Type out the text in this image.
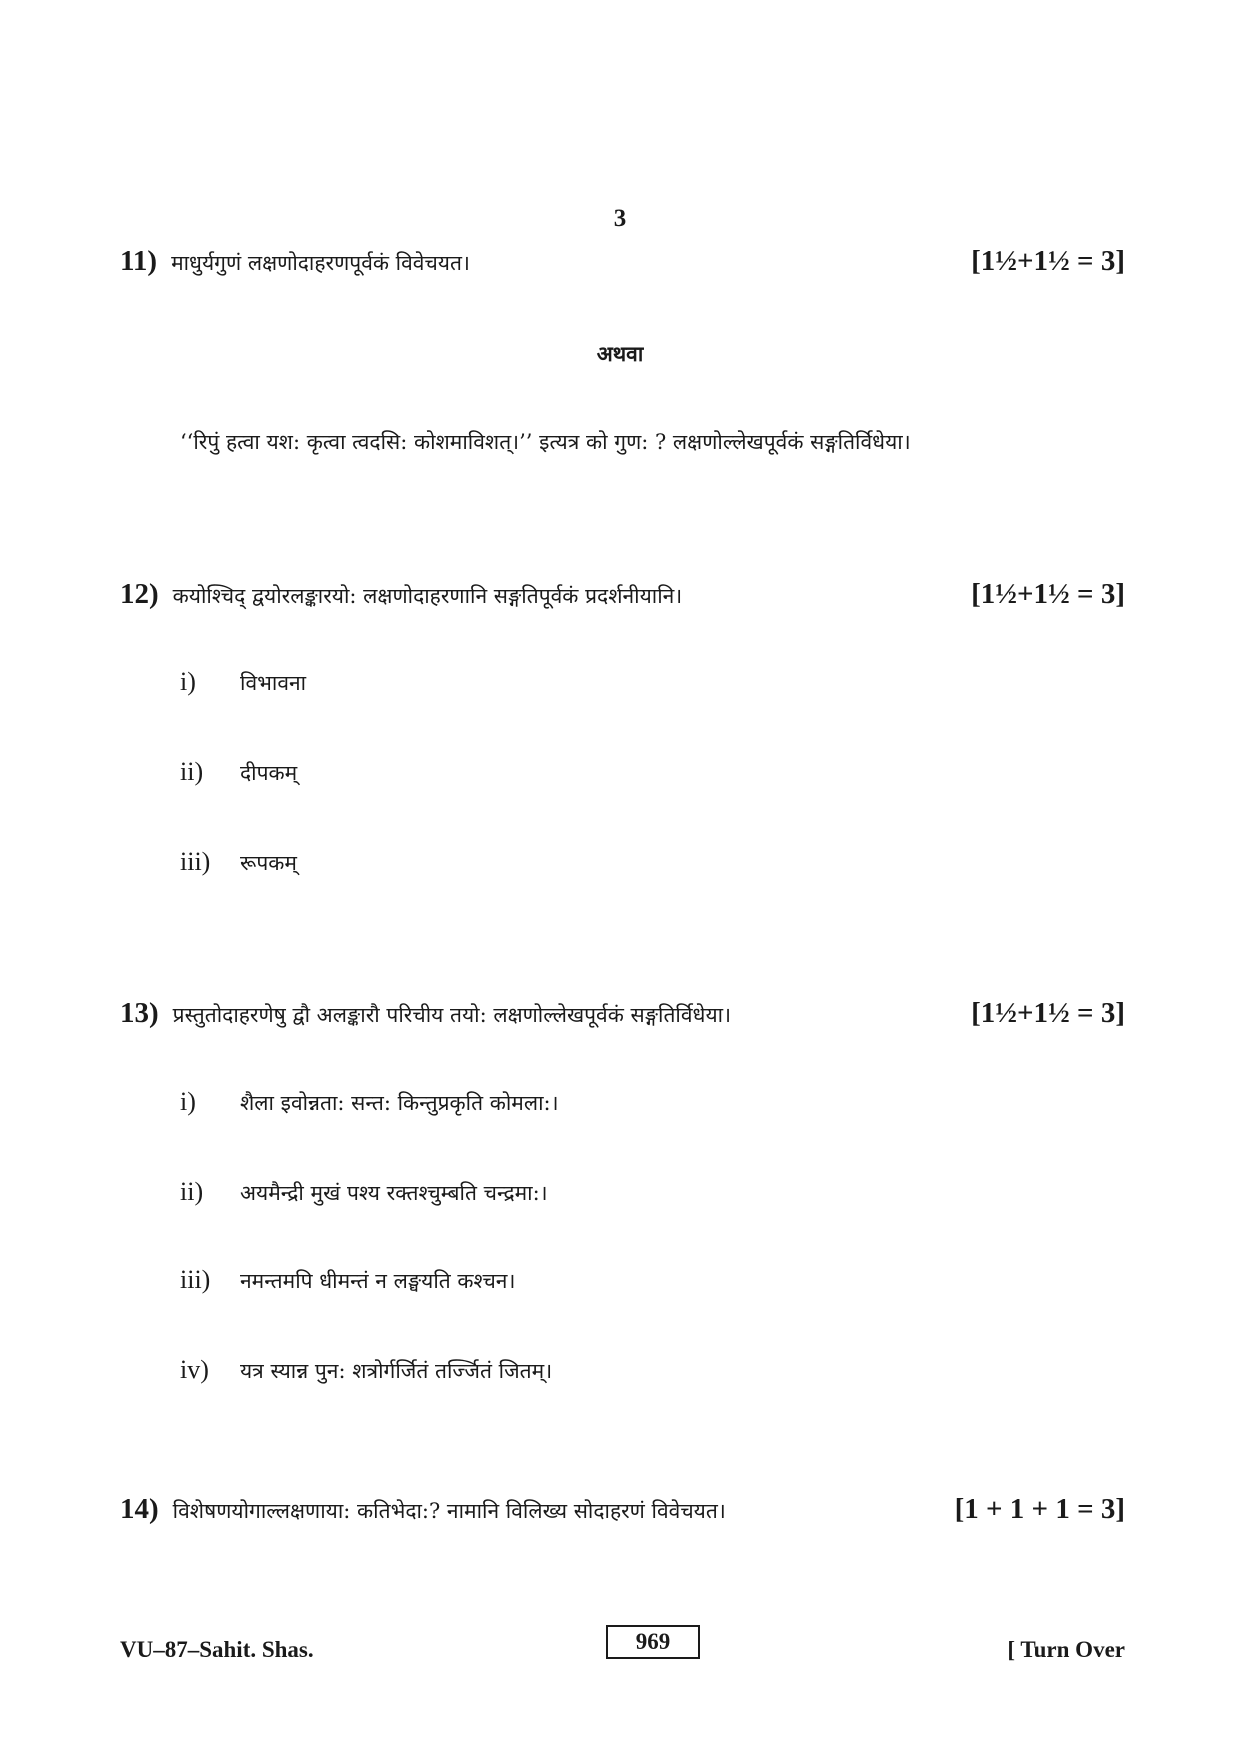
3
11) माधुर्यगुणं लक्षणोदाहरणपूर्वकं विवेचयत।	[1½+1½ = 3]
अथवा
‘‘रिपुं हत्वा यश: कृत्वा त्वदसि: कोशमाविशत्।’’ इत्यत्र को गुण: ? लक्षणोल्लेखपूर्वकं सङ्गतिर्विधेया।
12) कयोश्चिद् द्वयोरलङ्कारयो: लक्षणोदाहरणानि सङ्गतिपूर्वकं प्रदर्शनीयानि।	[1½+1½ = 3]
i)	विभावना
ii)	दीपकम्
iii)	रूपकम्
13) प्रस्तुतोदाहरणेषु द्वौ अलङ्कारौ परिचीय तयो: लक्षणोल्लेखपूर्वकं सङ्गतिर्विधेया।	[1½+1½ = 3]
i)	शैला इवोन्नता: सन्त: किन्तुप्रकृति कोमला:।
ii)	अयमैन्द्री मुखं पश्य रक्तश्चुम्बति चन्द्रमा:।
iii)	नमन्तमपि धीमन्तं न लङ्घयति कश्चन।
iv)	यत्र स्यान्न पुन: शत्रोर्गर्जितं तर्ज्जितं जितम्।
14) विशेषणयोगाल्लक्षणाया: कतिभेदा:? नामानि विलिख्य सोदाहरणं विवेचयत।	[1 + 1 + 1 = 3]
VU–87–Sahit. Shas.	969	[ Turn Over
